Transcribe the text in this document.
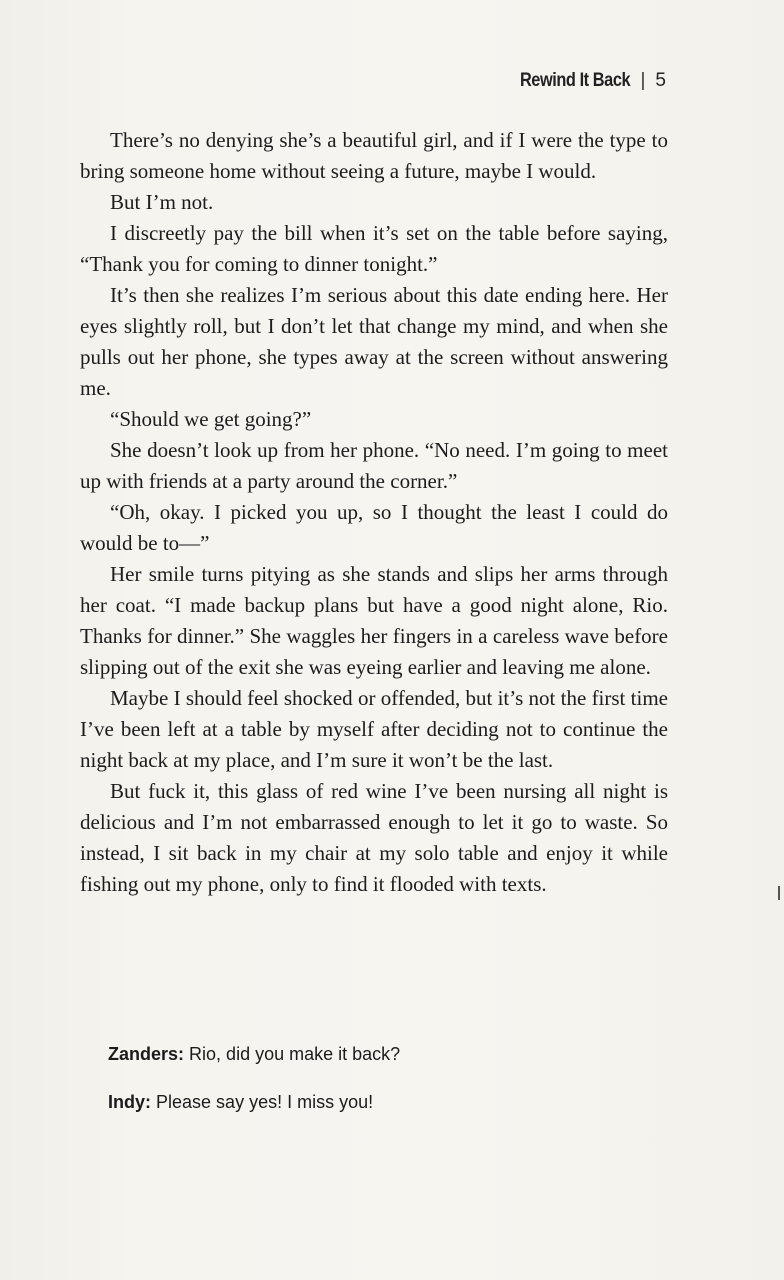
Rewind It Back | 5

There’s no denying she’s a beautiful girl, and if I were the type to bring someone home without seeing a future, maybe I would.

But I’m not.

I discreetly pay the bill when it’s set on the table before saying, “Thank you for coming to dinner tonight.”

It’s then she realizes I’m serious about this date ending here. Her eyes slightly roll, but I don’t let that change my mind, and when she pulls out her phone, she types away at the screen without answering me.

“Should we get going?”

She doesn’t look up from her phone. “No need. I’m going to meet up with friends at a party around the corner.”

“Oh, okay. I picked you up, so I thought the least I could do would be to—”

Her smile turns pitying as she stands and slips her arms through her coat. “I made backup plans but have a good night alone, Rio. Thanks for dinner.” She waggles her fingers in a careless wave before slipping out of the exit she was eyeing earlier and leaving me alone.

Maybe I should feel shocked or offended, but it’s not the first time I’ve been left at a table by myself after deciding not to continue the night back at my place, and I’m sure it won’t be the last.

But fuck it, this glass of red wine I’ve been nursing all night is delicious and I’m not embarrassed enough to let it go to waste. So instead, I sit back in my chair at my solo table and enjoy it while fishing out my phone, only to find it flooded with texts.

Zanders: Rio, did you make it back?

Indy: Please say yes! I miss you!
